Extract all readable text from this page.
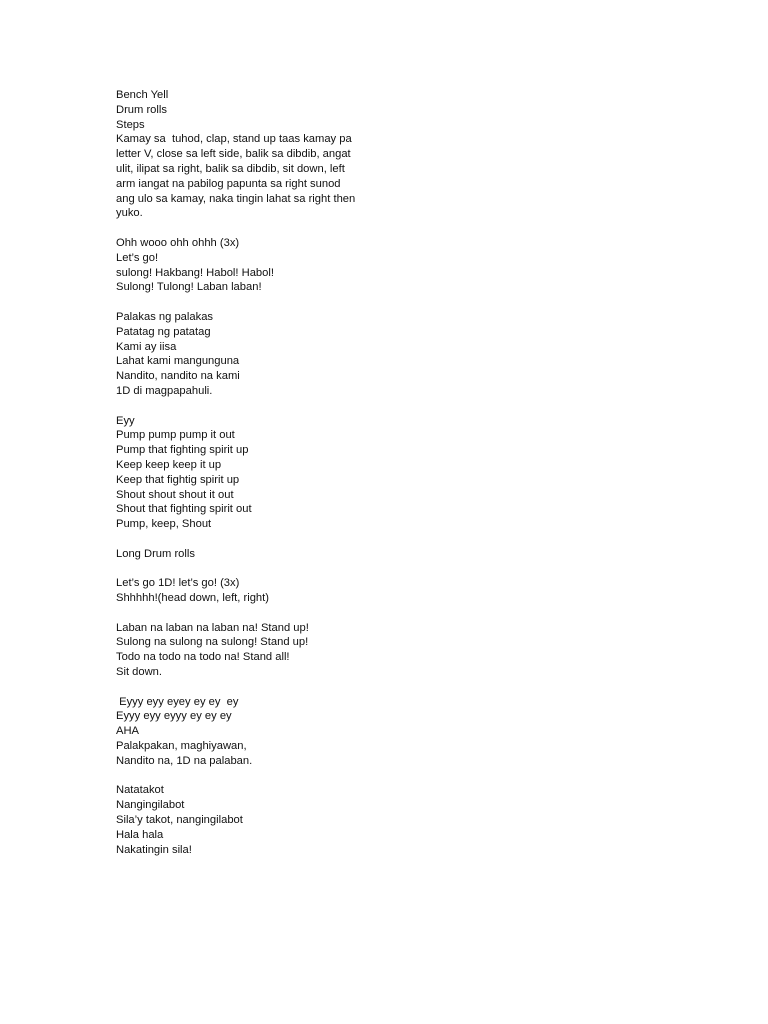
Bench Yell
Drum rolls
Steps
Kamay sa  tuhod, clap, stand up taas kamay pa
letter V, close sa left side, balik sa dibdib, angat
ulit, ilipat sa right, balik sa dibdib, sit down, left
arm iangat na pabilog papunta sa right sunod
ang ulo sa kamay, naka tingin lahat sa right then
yuko.
Ohh wooo ohh ohhh (3x)
Let’s go!
sulong! Hakbang! Habol! Habol!
Sulong! Tulong! Laban laban!
Palakas ng palakas
Patatag ng patatag
Kami ay iisa
Lahat kami mangunguna
Nandito, nandito na kami
1D di magpapahuli.
Eyy
Pump pump pump it out
Pump that fighting spirit up
Keep keep keep it up
Keep that fightig spirit up
Shout shout shout it out
Shout that fighting spirit out
Pump, keep, Shout
Long Drum rolls
Let’s go 1D! let’s go! (3x)
Shhhhh!(head down, left, right)
Laban na laban na laban na! Stand up!
Sulong na sulong na sulong! Stand up!
Todo na todo na todo na! Stand all!
Sit down.
Eyyy eyy eyey ey ey  ey
Eyyy eyy eyyy ey ey ey
AHA
Palakpakan, maghiyawan,
Nandito na, 1D na palaban.
Natatakot
Nangingilabot
Sila’y takot, nangingilabot
Hala hala
Nakatingin sila!
